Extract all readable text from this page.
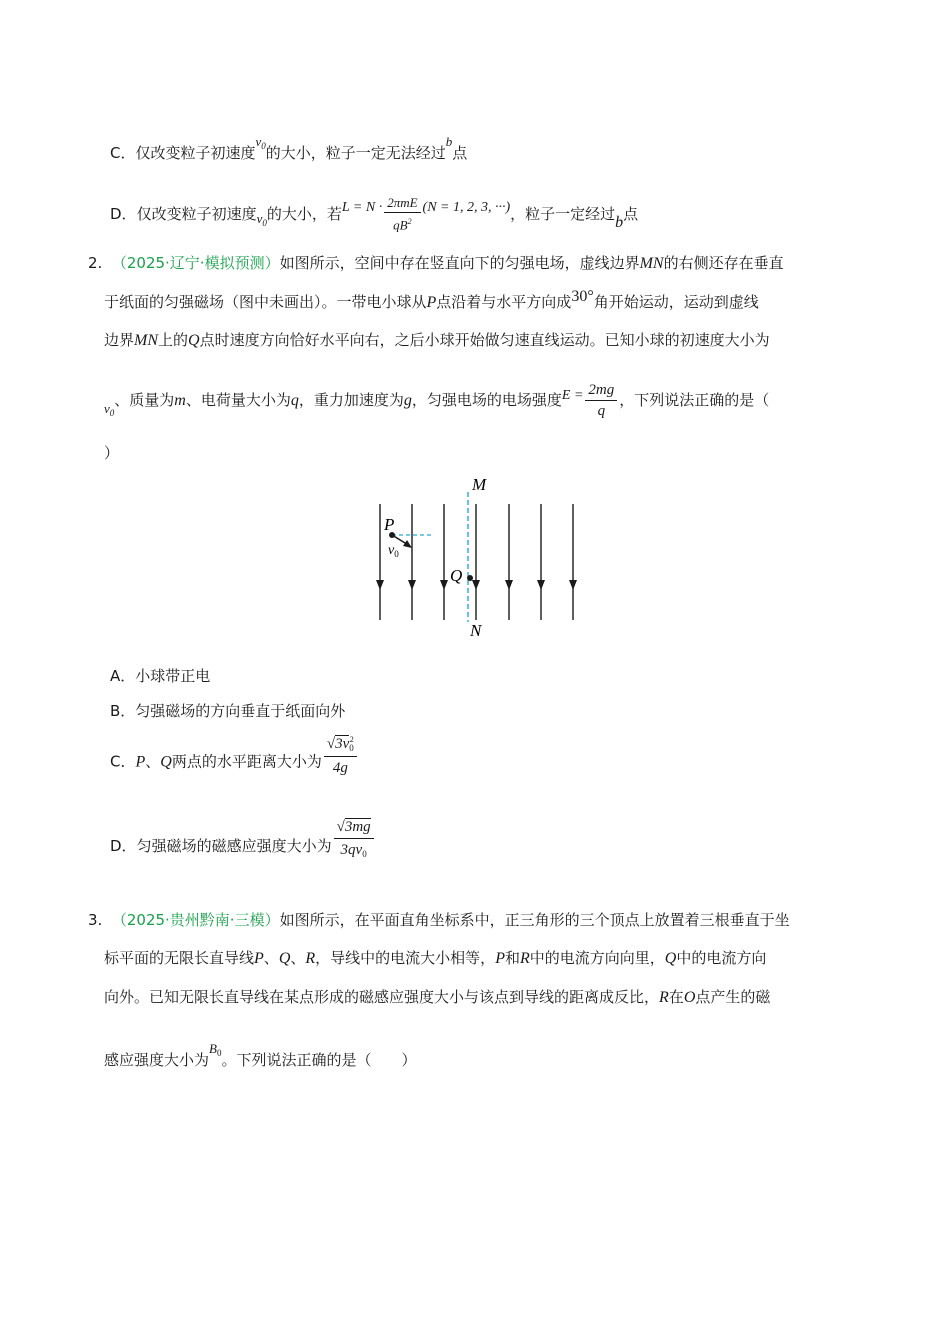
C．仅改变粒子初速度$v_0$的大小，粒子一定无法经过b点
D．仅改变粒子初速度$v_0$的大小，若$L = N \cdot \frac{\text{2πmE}}{qB^2} (N = 1$, 2, 3, ···)，粒子一定经过b点
2. （2025·辽宁·模拟预测）如图所示，空间中存在竖直向下的匀强电场，虚线边界MN的右侧还存在垂直
于纸面的匀强磁场（图中未画出）。一带电小球从P点沿着与水平方向成30°角开始运动，运动到虚线
边界MN上的Q点时速度方向恰好水平向右，之后小球开始做匀速直线运动。已知小球的初速度大小为
$v_0$、质量为m、电荷量大小为q，重力加速度为g，匀强电场的电场强度$E = \frac{2mg}{q}$ ，下列说法正确的是（
）
M
N
P
Q
$v_0$
A．小球带正电
B．匀强磁场的方向垂直于纸面向外
C．P、Q两点的水平距离大小为 $\frac{√3v_0^2}{4g}$
D．匀强磁场的磁感应强度大小为 $\frac{√3mg}{3qv_0}$
3. （2025·贵州黔南·三模）如图所示，在平面直角坐标系中，正三角形的三个顶点上放置着三根垂直于坐
标平面的无限长直导线P、Q、R，导线中的电流大小相等，P和R中的电流方向向里，Q中的电流方向
向外。已知无限长直导线在某点形成的磁感应强度大小与该点到导线的距离成反比，R在O点产生的磁
感应强度大小为$B_0$。下列说法正确的是（　　）
